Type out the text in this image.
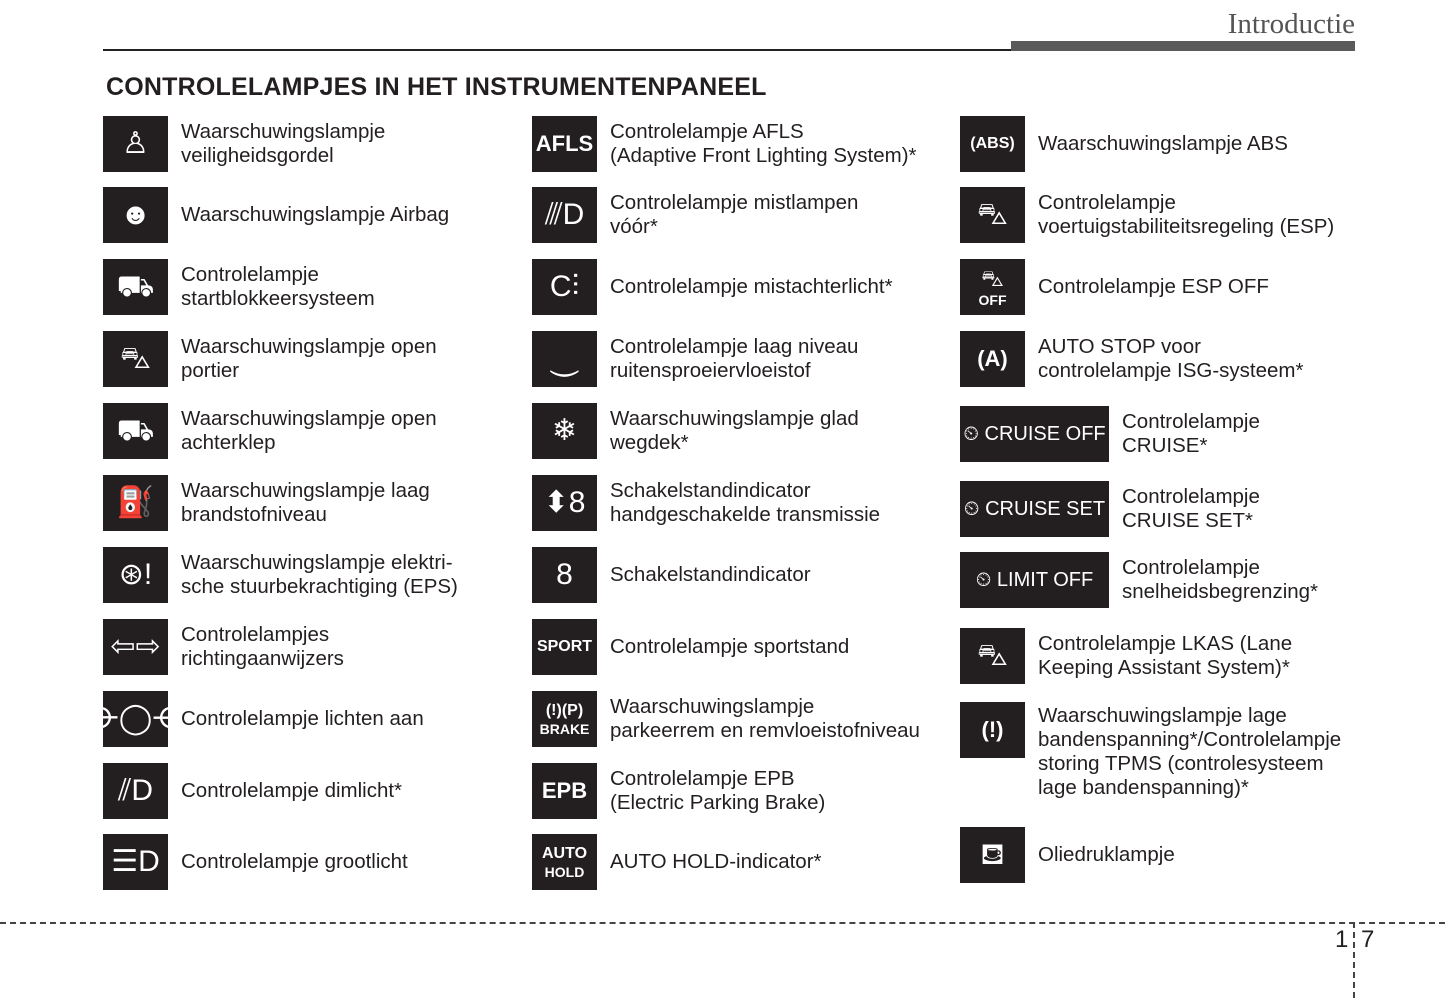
Introductie
CONTROLELAMPJES IN HET INSTRUMENTENPANEEL
♙ Waarschuwingslampje
veiligheidsgordel
☻ Waarschuwingslampje Airbag
⛟ Controlelampje
startblokkeersysteem
⛍ Waarschuwingslampje open
portier
⛟ Waarschuwingslampje open
achterklep
⛽ Waarschuwingslampje laag
brandstofniveau
⊛! Waarschuwingslampje elektri-
sche stuurbekrachtiging (EPS)
⇦⇨ Controlelampjes
richtingaanwijzers
⋺◯⋲
Controlelampje lichten aan
⫽D Controlelampje dimlicht*
☰D Controlelampje grootlicht
AFLS Controlelampje AFLS
(Adaptive Front Lighting System)*
⫻D Controlelampje mistlampen
vóór*
C⫶ Controlelampje mistachterlicht*
⏝ Controlelampje laag niveau
ruitensproeiervloeistof
❄ Waarschuwingslampje glad
wegdek*
⬍8 Schakelstandindicator
handgeschakelde transmissie
8 Schakelstandindicator
SPORT Controlelampje sportstand
(!)(P)
BRAKE
Waarschuwingslampje
parkeerrem en remvloeistofniveau
EPB Controlelampje EPB
(Electric Parking Brake)
AUTO
HOLD AUTO HOLD-indicator*
(ABS) Waarschuwingslampje ABS
⛍ Controlelampje
voertuigstabiliteitsregeling (ESP)
⛍
OFF
Controlelampje ESP OFF
(A) AUTO STOP voor
controlelampje ISG-systeem*
⏲ CRUISE OFF
Controlelampje
CRUISE*
⏲ CRUISE SET
Controlelampje
CRUISE SET*
⏲ LIMIT OFF
Controlelampje
snelheidsbegrenzing*
⛍ Controlelampje LKAS (Lane
Keeping Assistant System)*
(!)
Waarschuwingslampje lage
bandenspanning*/Controlelampje
storing TPMS (controlesysteem
lage bandenspanning)*
⛾ Oliedruklampje
1 7
